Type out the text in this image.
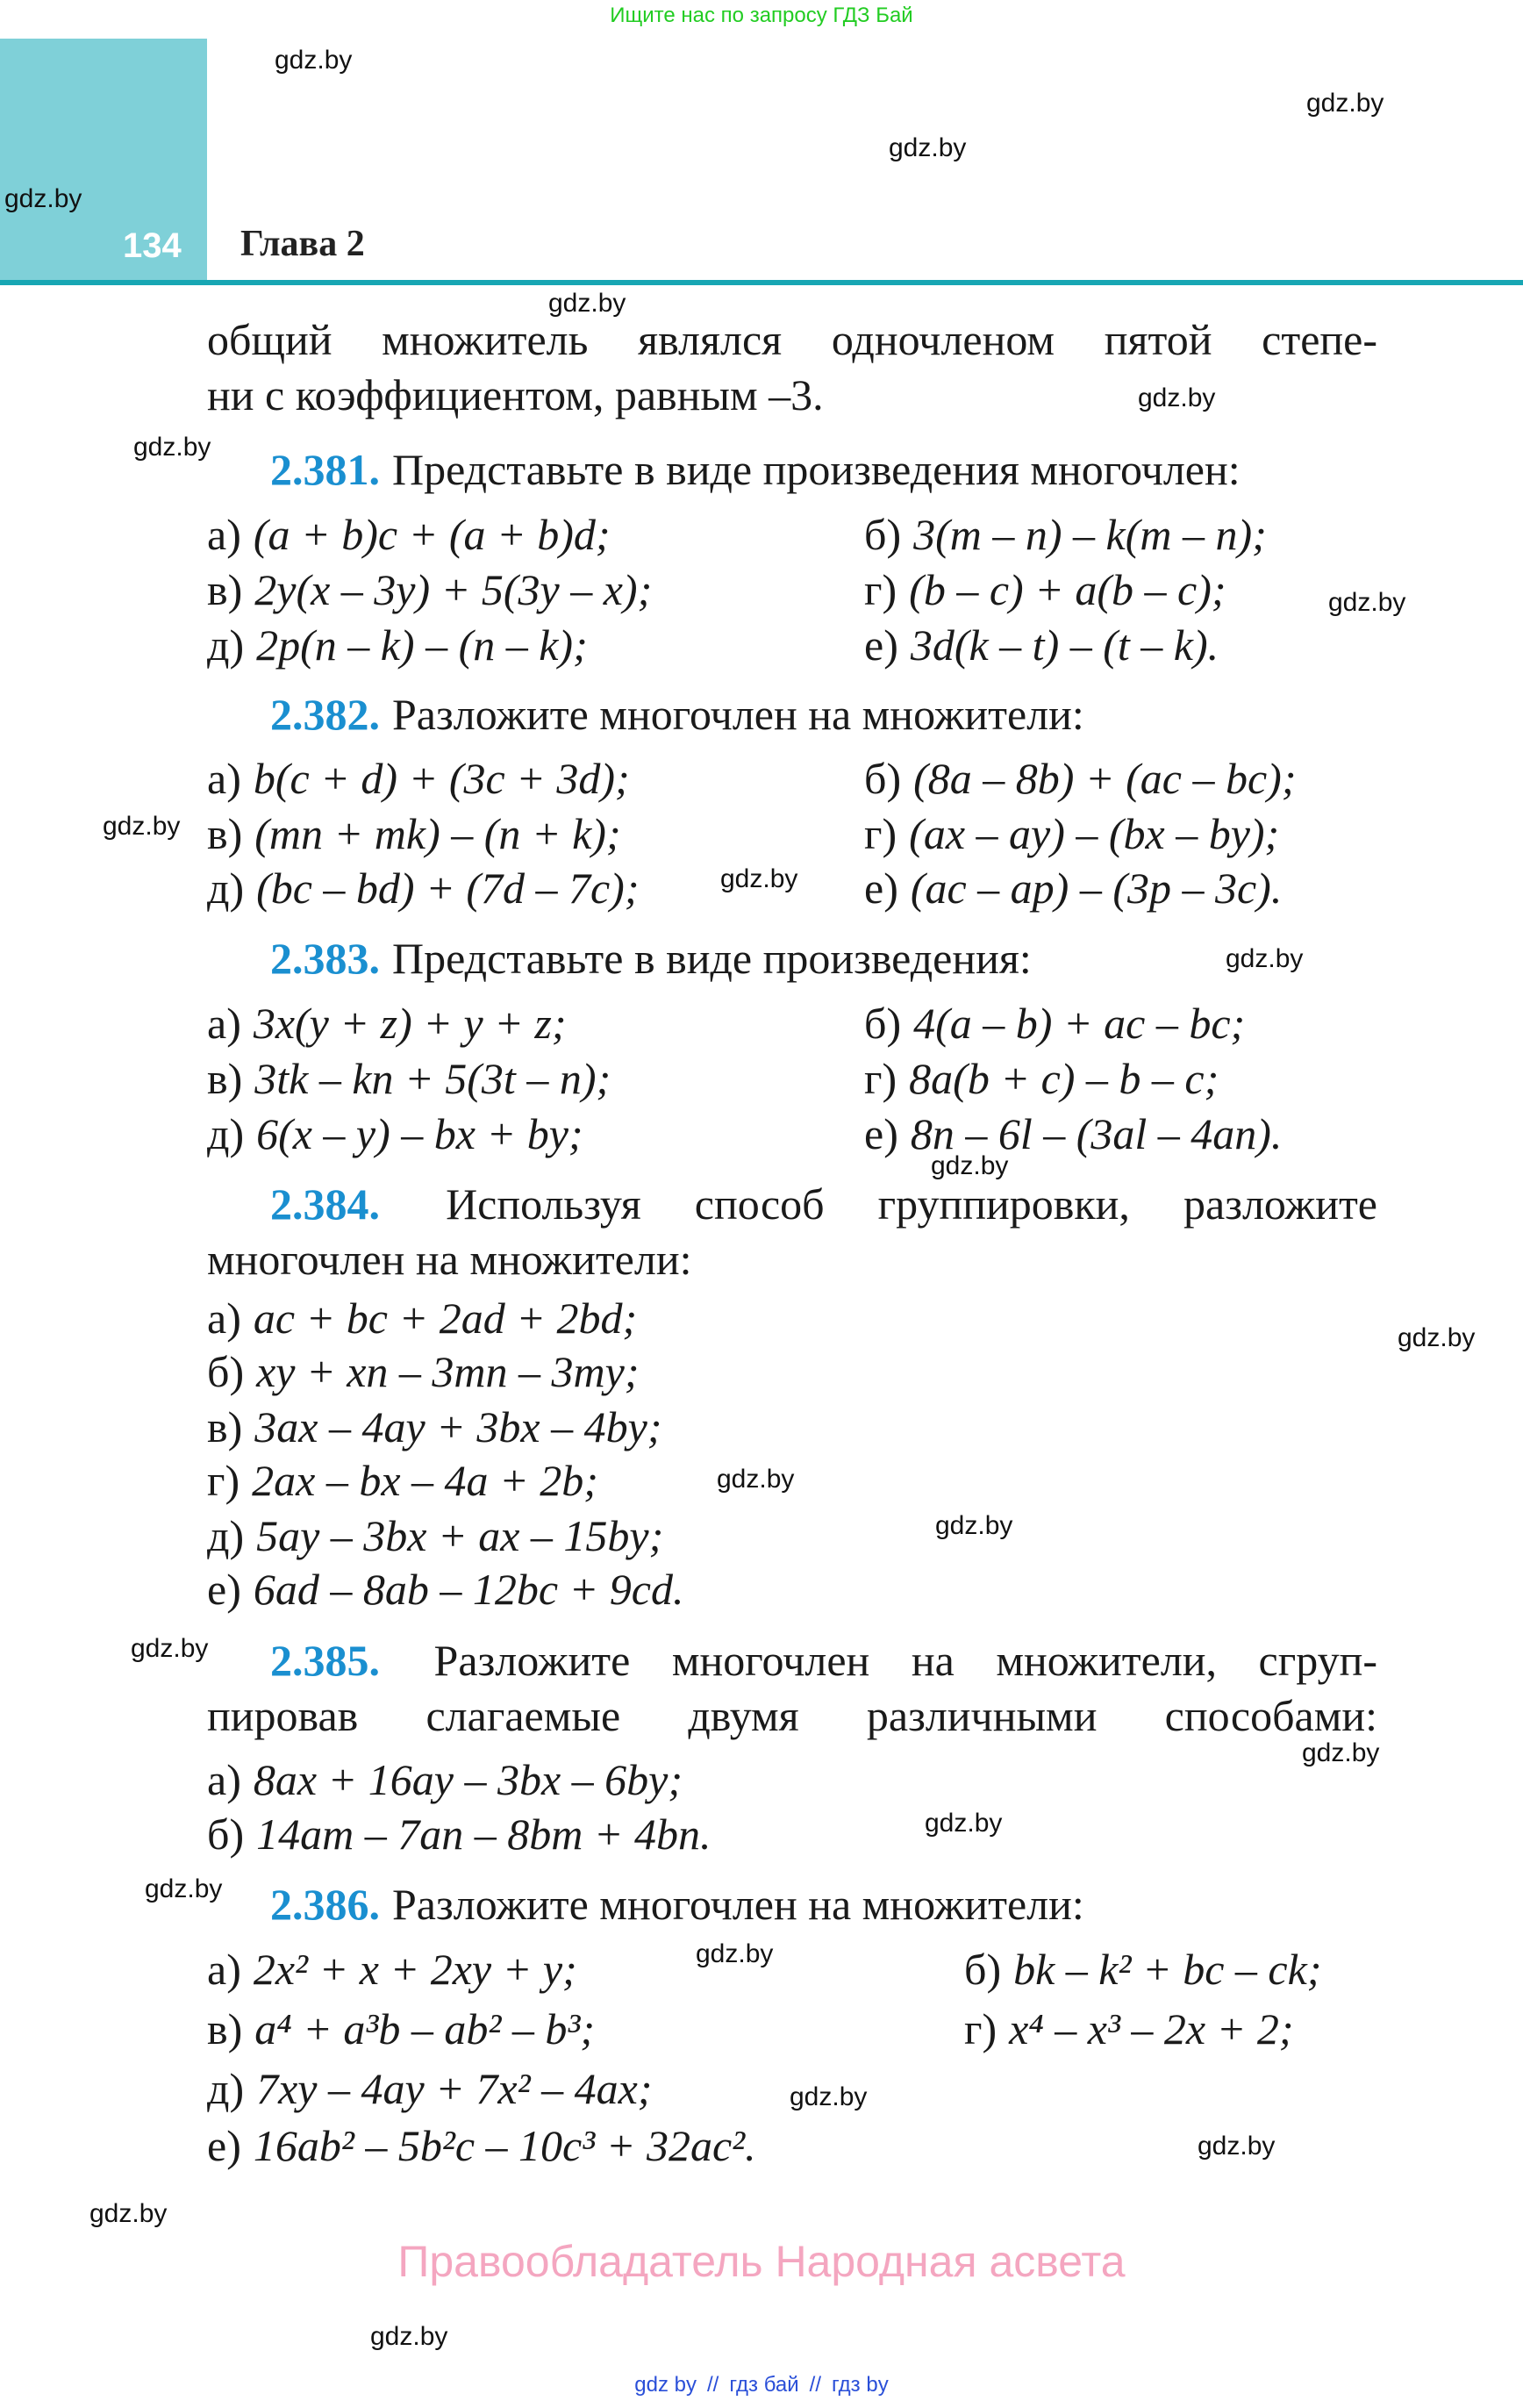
Ищите нас по запросу ГДЗ Бай
134 Глава 2
gdz.by
gdz.by
gdz.by
gdz.by
gdz.by
gdz.by
gdz.by
gdz.by
gdz.by
gdz.by
gdz.by
gdz.by
gdz.by
gdz.by
gdz.by
gdz.by
gdz.by
gdz.by
gdz.by
gdz.by
gdz.by
gdz.by
gdz.by
gdz.by
общий множитель являлся одночленом пятой степе-
ни с коэффициентом, равным –3.
2.381. Представьте в виде произведения многочлен:
а) (a + b)c + (a + b)d;	б) 3(m – n) – k(m – n);
в) 2y(x – 3y) + 5(3y – x);	г) (b – c) + a(b – c);
д) 2p(n – k) – (n – k);	е) 3d(k – t) – (t – k).
2.382. Разложите многочлен на множители:
а) b(c + d) + (3c + 3d);	б) (8a – 8b) + (ac – bc);
в) (mn + mk) – (n + k);	г) (ax – ay) – (bx – by);
д) (bc – bd) + (7d – 7c);	е) (ac – ap) – (3p – 3c).
2.383. Представьте в виде произведения:
а) 3x(y + z) + y + z;	б) 4(a – b) + ac – bc;
в) 3tk – kn + 5(3t – n);	г) 8a(b + c) – b – c;
д) 6(x – y) – bx + by;	е) 8n – 6l – (3al – 4an).
2.384. Используя способ группировки, разложите
многочлен на множители:
а) ac + bc + 2ad + 2bd;
б) xy + xn – 3mn – 3my;
в) 3ax – 4ay + 3bx – 4by;
г) 2ax – bx – 4a + 2b;
д) 5ay – 3bx + ax – 15by;
е) 6ad – 8ab – 12bc + 9cd.
2.385. Разложите многочлен на множители, сгруп-
пировав слагаемые двумя различными способами:
а) 8ax + 16ay – 3bx – 6by;
б) 14am – 7an – 8bm + 4bn.
2.386. Разложите многочлен на множители:
а) 2x² + x + 2xy + y;	б) bk – k² + bc – ck;
в) a⁴ + a³b – ab² – b³;	г) x⁴ – x³ – 2x + 2;
д) 7xy – 4ay + 7x² – 4ax;
е) 16ab² – 5b²c – 10c³ + 32ac².
Правообладатель Народная асвета
gdz by // гдз бай // гдз by
